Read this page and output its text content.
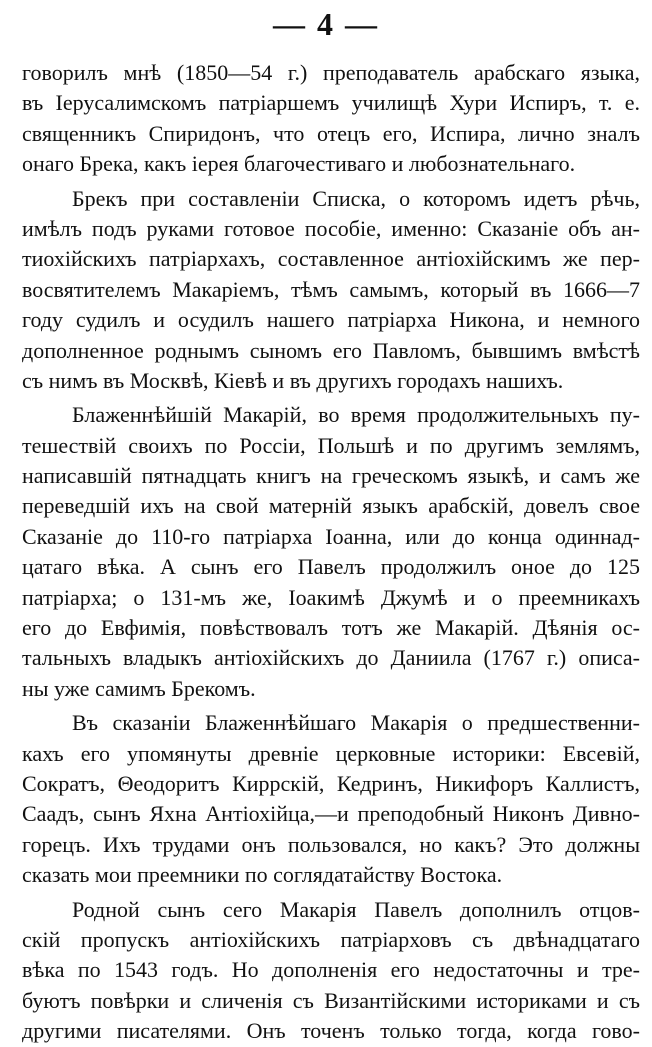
— 4 —
говорилъ мнѣ (1850—54 г.) преподаватель арабскаго языка,
въ Iерусалимскомъ патрiаршемъ училищѣ Хури Испиръ, т. е.
священникъ Спиридонъ, что отецъ его, Испира, лично зналъ
онаго Брека, какъ iерея благочестиваго и любознательнаго.
Брекъ при составленiи Списка, о которомъ идетъ рѣчь,
имѣлъ подъ руками готовое пособiе, именно: Сказанiе объ ан-
тиохiйскихъ патрiархахъ, составленное антiохiйскимъ же пер-
восвятителемъ Макарiемъ, тѣмъ самымъ, который въ 1666—7
году судилъ и осудилъ нашего патрiарха Никона, и немного
дополненное роднымъ сыномъ его Павломъ, бывшимъ вмѣстѣ
съ нимъ въ Москвѣ, Кiевѣ и въ другихъ городахъ нашихъ.
Блаженнѣйшiй Макарiй, во время продолжительныхъ пу-
тешествiй своихъ по Россiи, Польшѣ и по другимъ землямъ,
написавшiй пятнадцать книгъ на греческомъ языкѣ, и самъ же
переведшiй ихъ на свой матернiй языкъ арабскiй, довелъ свое
Сказанiе до 110-го патрiарха Iоанна, или до конца одиннад-
цатаго вѣка. А сынъ его Павелъ продолжилъ оное до 125
патрiарха; о 131-мъ же, Iоакимѣ Джумѣ и о преемникахъ
его до Евфимiя, повѣствовалъ тотъ же Макарiй. Дѣянiя ос-
тальныхъ владыкъ антiохiйскихъ до Даниила (1767 г.) описа-
ны уже самимъ Брекомъ.
Въ сказанiи Блаженнѣйшаго Макарiя о предшественни-
кахъ его упомянуты древнiе церковные историки: Евсевiй,
Сократъ, Θеодоритъ Киррскiй, Кедринъ, Никифоръ Каллистъ,
Саадъ, сынъ Яхна Антiохiйца,—и преподобный Никонъ Дивно-
горецъ. Ихъ трудами онъ пользовался, но какъ? Это должны
сказать мои преемники по соглядатайству Востока.
Родной сынъ сего Макарiя Павелъ дополнилъ отцов-
скiй пропускъ антiохiйскихъ патрiарховъ съ двѣнадцатаго
вѣка по 1543 годъ. Но дополненiя его недостаточны и тре-
буютъ повѣрки и сличенiя съ Византiйскими историками и съ
другими писателями. Онъ точенъ только тогда, когда гово-
